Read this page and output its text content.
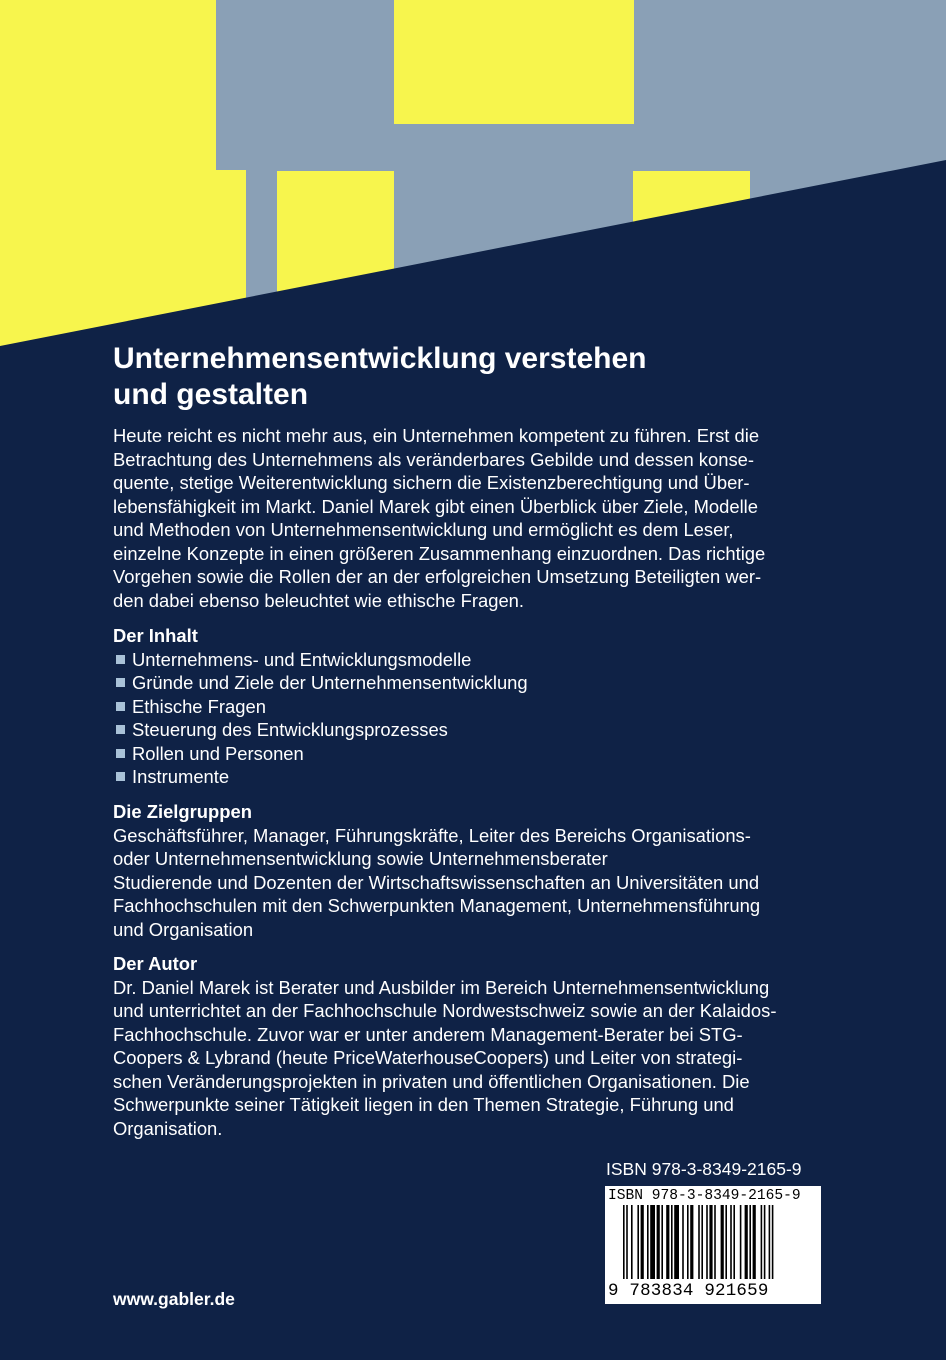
Unternehmensentwicklung verstehen
und gestalten
Heute reicht es nicht mehr aus, ein Unternehmen kompetent zu führen. Erst die
Betrachtung des Unternehmens als veränderbares Gebilde und dessen konse-
quente, stetige Weiterentwicklung sichern die Existenzberechtigung und Über-
lebensfähigkeit im Markt. Daniel Marek gibt einen Überblick über Ziele, Modelle
und Methoden von Unternehmensentwicklung und ermöglicht es dem Leser,
einzelne Konzepte in einen größeren Zusammenhang einzuordnen. Das richtige
Vorgehen sowie die Rollen der an der erfolgreichen Umsetzung Beteiligten wer-
den dabei ebenso beleuchtet wie ethische Fragen.
Der Inhalt
Unternehmens- und Entwicklungsmodelle
Gründe und Ziele der Unternehmensentwicklung
Ethische Fragen
Steuerung des Entwicklungsprozesses
Rollen und Personen
Instrumente
Die Zielgruppen
Geschäftsführer, Manager, Führungskräfte, Leiter des Bereichs Organisations-
oder Unternehmensentwicklung sowie Unternehmensberater
Studierende und Dozenten der Wirtschaftswissenschaften an Universitäten und
Fachhochschulen mit den Schwerpunkten Management, Unternehmensführung
und Organisation
Der Autor
Dr. Daniel Marek ist Berater und Ausbilder im Bereich Unternehmensentwicklung
und unterrichtet an der Fachhochschule Nordwestschweiz sowie an der Kalaidos-
Fachhochschule. Zuvor war er unter anderem Management-Berater bei STG-
Coopers & Lybrand (heute PriceWaterhouseCoopers) und Leiter von strategi-
schen Veränderungsprojekten in privaten und öffentlichen Organisationen. Die
Schwerpunkte seiner Tätigkeit liegen in den Themen Strategie, Führung und
Organisation.
ISBN 978-3-8349-2165-9
ISBN 978-3-8349-2165-9
9 783834 921659
www.gabler.de
